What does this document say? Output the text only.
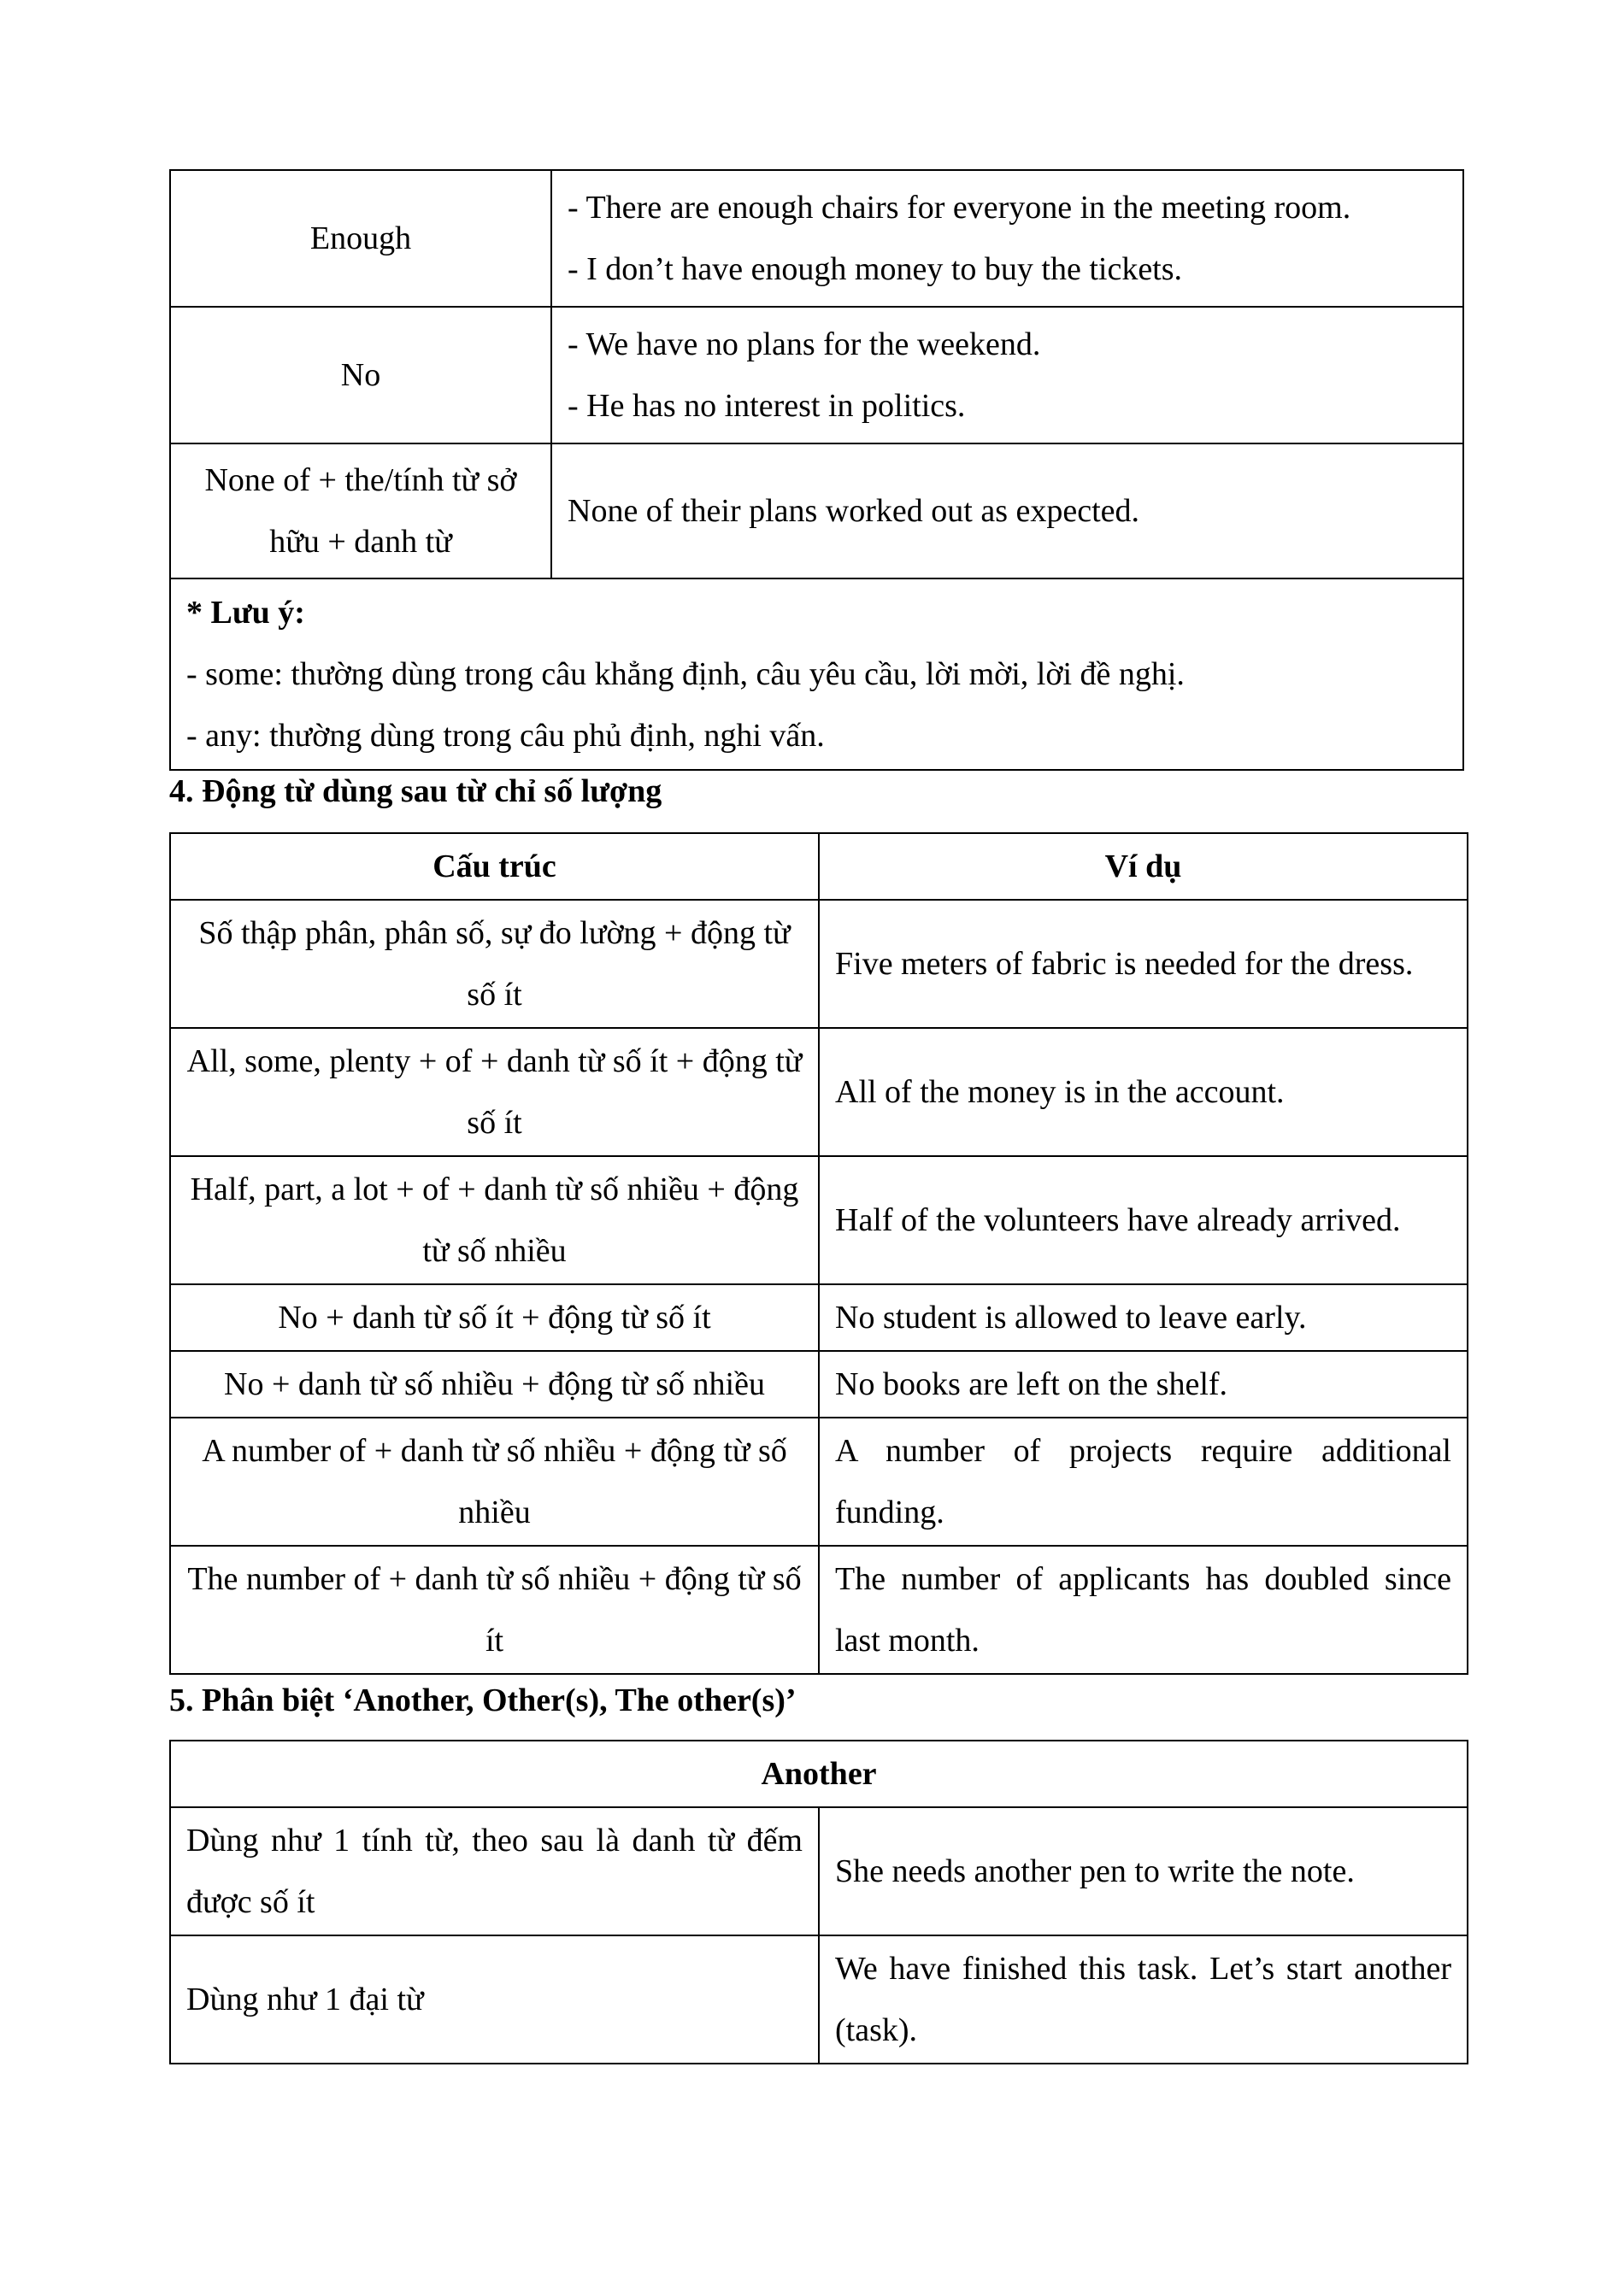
Enough	- There are enough chairs for everyone in the meeting room.
- I don’t have enough money to buy the tickets.

No	- We have no plans for the weekend.
- He has no interest in politics.

None of + the/tính từ sở hữu + danh từ	None of their plans worked out as expected.

* Lưu ý:
- some: thường dùng trong câu khẳng định, câu yêu cầu, lời mời, lời đề nghị.
- any: thường dùng trong câu phủ định, nghi vấn.	

4. Động từ dùng sau từ chỉ số lượng

Cấu trúc	Ví dụ
Số thập phân, phân số, sự đo lường + động từ số ít	Five meters of fabric is needed for the dress.
All, some, plenty + of + danh từ số ít + động từ số ít	All of the money is in the account.
Half, part, a lot + of + danh từ số nhiều + động từ số nhiều	Half of the volunteers have already arrived.
No + danh từ số ít + động từ số ít	No student is allowed to leave early.
No + danh từ số nhiều + động từ số nhiều	No books are left on the shelf.
A number of + danh từ số nhiều + động từ số nhiều	A number of projects require additional funding.
The number of + danh từ số nhiều + động từ số ít	The number of applicants has doubled since last month.

5. Phân biệt ‘Another, Other(s), The other(s)’

Another	
Dùng như 1 tính từ, theo sau là danh từ đếm được số ít	She needs another pen to write the note.
Dùng như 1 đại từ	We have finished this task. Let’s start another (task).
